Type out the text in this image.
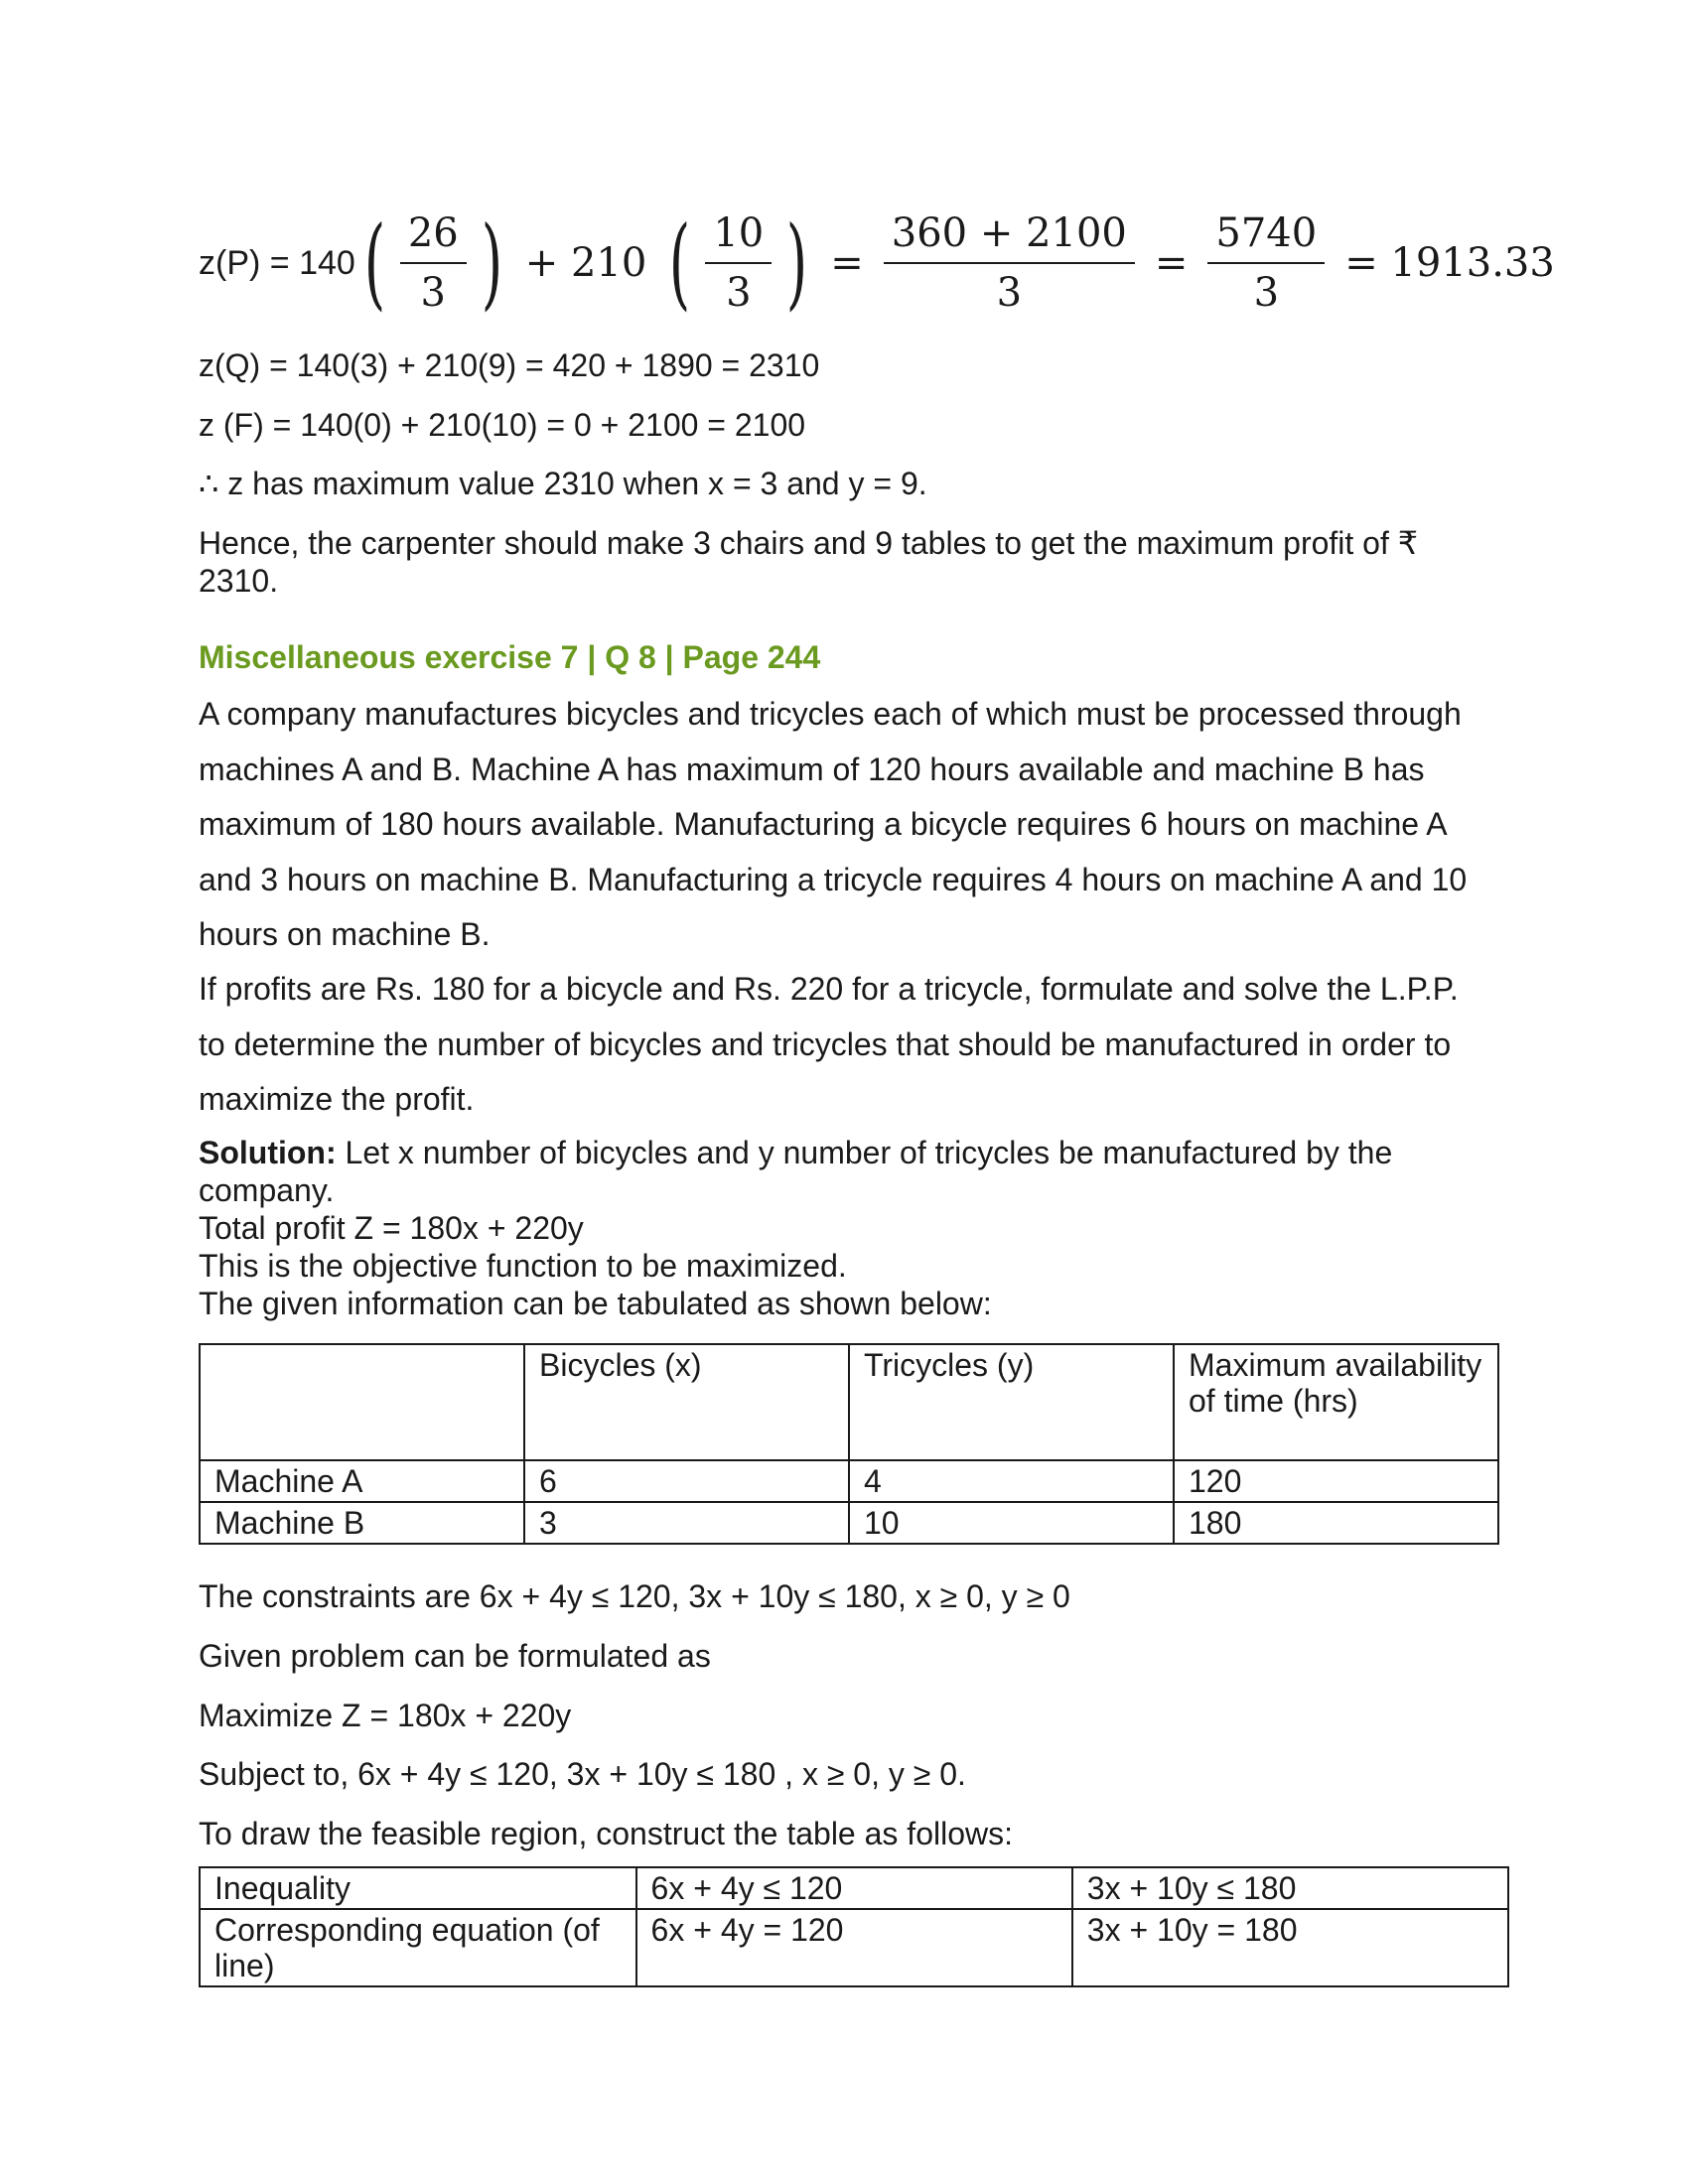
z(P) = 140 ( $\frac{26}{3}$ ) + 210 ( $\frac{10}{3}$ ) = $\frac{360 + 2100}{3} = \frac{5740}{3} = 1913.33$
z(Q) = 140(3) + 210(9) = 420 + 1890 = 2310
z (F) = 140(0) + 210(10) = 0 + 2100 = 2100
∴ z has maximum value 2310 when x = 3 and y = 9.
Hence, the carpenter should make 3 chairs and 9 tables to get the maximum profit of ₹
2310.
Miscellaneous exercise 7 | Q 8 | Page 244
A company manufactures bicycles and tricycles each of which must be processed through machines A and B. Machine A has maximum of 120 hours available and machine B has maximum of 180 hours available. Manufacturing a bicycle requires 6 hours on machine A and 3 hours on machine B. Manufacturing a tricycle requires 4 hours on machine A and 10 hours on machine B.
If profits are Rs. 180 for a bicycle and Rs. 220 for a tricycle, formulate and solve the L.P.P. to determine the number of bicycles and tricycles that should be manufactured in order to maximize the profit.
Solution: Let x number of bicycles and y number of tricycles be manufactured by the company.
Total profit Z = 180x + 220y
This is the objective function to be maximized.
The given information can be tabulated as shown below:
	Bicycles (x)	Tricycles (y)	Maximum availability of time (hrs)
Machine A	6	4	120
Machine B	3	10	180
The constraints are 6x + 4y ≤ 120, 3x + 10y ≤ 180, x ≥ 0, y ≥ 0
Given problem can be formulated as
Maximize Z = 180x + 220y
Subject to, 6x + 4y ≤ 120, 3x + 10y ≤ 180 , x ≥ 0, y ≥ 0.
To draw the feasible region, construct the table as follows:
Inequality	6x + 4y ≤ 120	3x + 10y ≤ 180
Corresponding equation (of line)	6x + 4y = 120	3x + 10y = 180
